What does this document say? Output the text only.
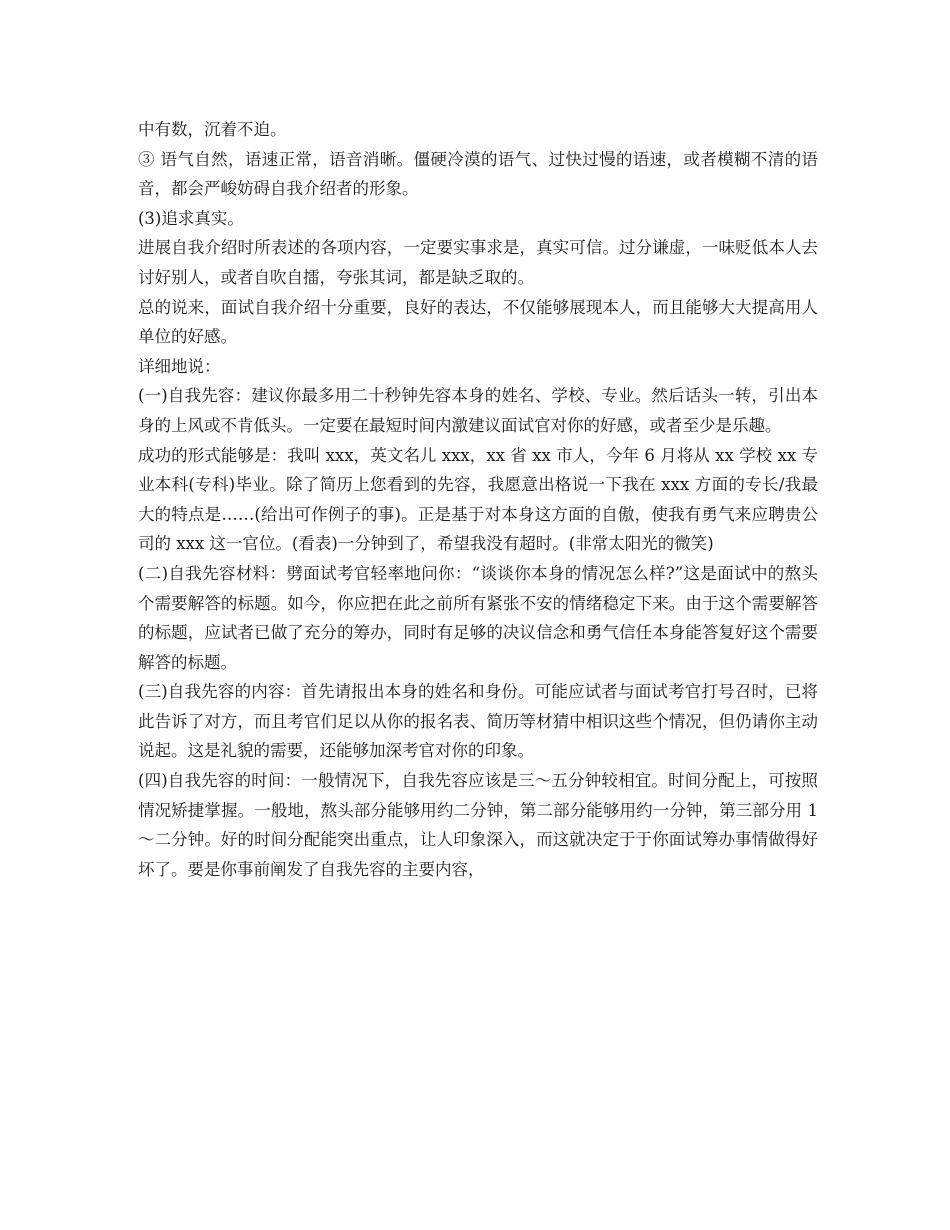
中有数，沉着不迫。

③ 语气自然，语速正常，语音消晰。僵硬冷漠的语气、过快过慢的语速，或者模糊不清的语音，都会严峻妨碍自我介绍者的形象。

(3)追求真实。

进展自我介绍时所表述的各项内容，一定要实事求是，真实可信。过分谦虚，一味贬低本人去讨好别人，或者自吹自擂，夸张其词，都是缺乏取的。

总的说来，面试自我介绍十分重要，良好的表达，不仅能够展现本人，而且能够大大提高用人单位的好感。

详细地说：

(一)自我先容：建议你最多用二十秒钟先容本身的姓名、学校、专业。然后话头一转，引出本身的上风或不肯低头。一定要在最短时间内激建议面试官对你的好感，或者至少是乐趣。

成功的形式能够是：我叫 xxx，英文名儿 xxx，xx 省 xx 市人，今年 6 月将从 xx 学校 xx 专业本科(专科)毕业。除了简历上您看到的先容，我愿意出格说一下我在 xxx 方面的专长/我最大的特点是……(给出可作例子的事)。正是基于对本身这方面的自傲，使我有勇气来应聘贵公司的 xxx 这一官位。(看表)一分钟到了，希望我没有超时。(非常太阳光的微笑)

(二)自我先容材料：劈面试考官轻率地问你：“谈谈你本身的情况怎么样?”这是面试中的熬头个需要解答的标题。如今，你应把在此之前所有紧张不安的情绪稳定下来。由于这个需要解答的标题，应试者已做了充分的筹办，同时有足够的决议信念和勇气信任本身能答复好这个需要解答的标题。

(三)自我先容的内容：首先请报出本身的姓名和身份。可能应试者与面试考官打号召时，已将此告诉了对方，而且考官们足以从你的报名表、简历等材猜中相识这些个情况，但仍请你主动说起。这是礼貌的需要，还能够加深考官对你的印象。

(四)自我先容的时间：一般情况下，自我先容应该是三～五分钟较相宜。时间分配上，可按照情况矫捷掌握。一般地，熬头部分能够用约二分钟，第二部分能够用约一分钟，第三部分用 1～二分钟。好的时间分配能突出重点，让人印象深入，而这就决定于于你面试筹办事情做得好坏了。要是你事前阐发了自我先容的主要内容，
